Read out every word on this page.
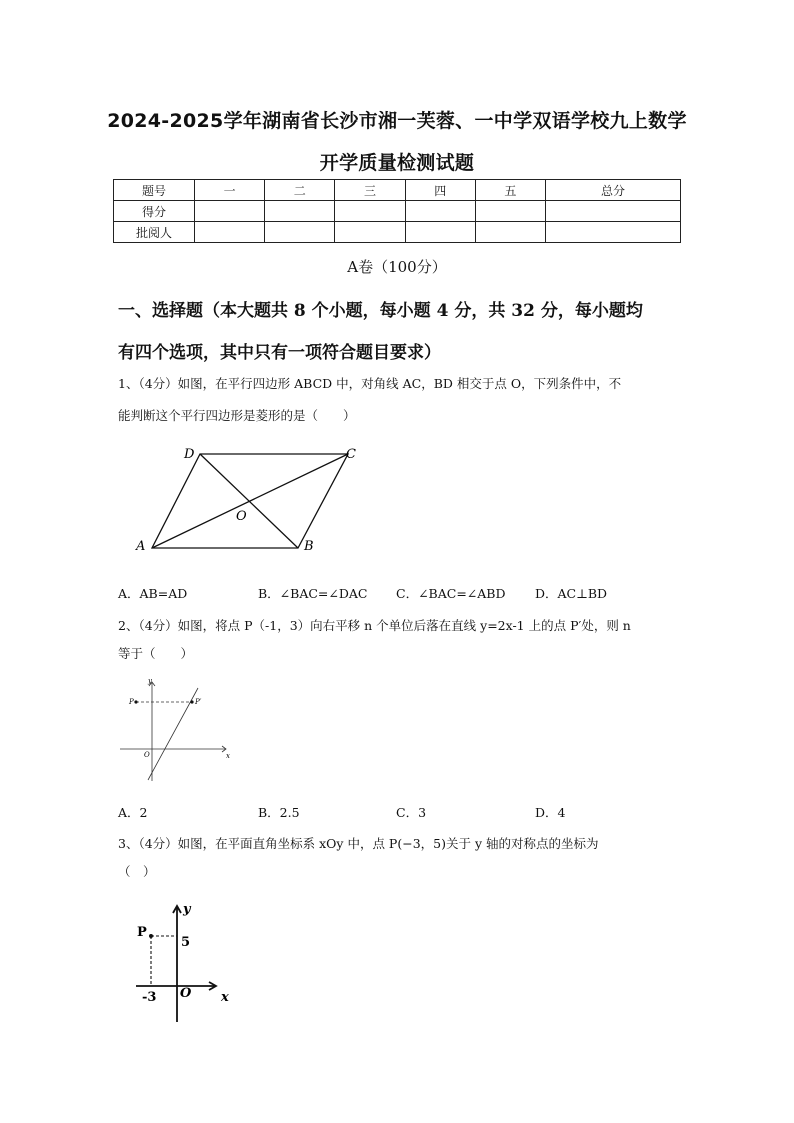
2024-2025学年湖南省长沙市湘一芙蓉、一中学双语学校九上数学
开学质量检测试题
题号	一	二	三	四	五	总分
得分						
批阅人						
A卷（100分）
一、选择题（本大题共 8 个小题，每小题 4 分，共 32 分，每小题均
有四个选项，其中只有一项符合题目要求）
1、（4分）如图，在平行四边形 ABCD 中，对角线 AC，BD 相交于点 O，下列条件中，不
能判断这个平行四边形是菱形的是（　　）
A	B
C
D
O
A．AB=AD	B．∠BAC=∠DAC C．∠BAC=∠ABD D．AC⊥BD
2、（4分）如图，将点 P（-1，3）向右平移 n 个单位后落在直线 y=2x-1 上的点 P′处，则 n
等于（　　）
y
x
O
P	P′
A．2	B．2.5	C．3	D．4
3、（4分）如图，在平面直角坐标系 xOy 中，点 P(−3，5)关于 y 轴的对称点的坐标为
（　）
P
5
-3 O x
y
